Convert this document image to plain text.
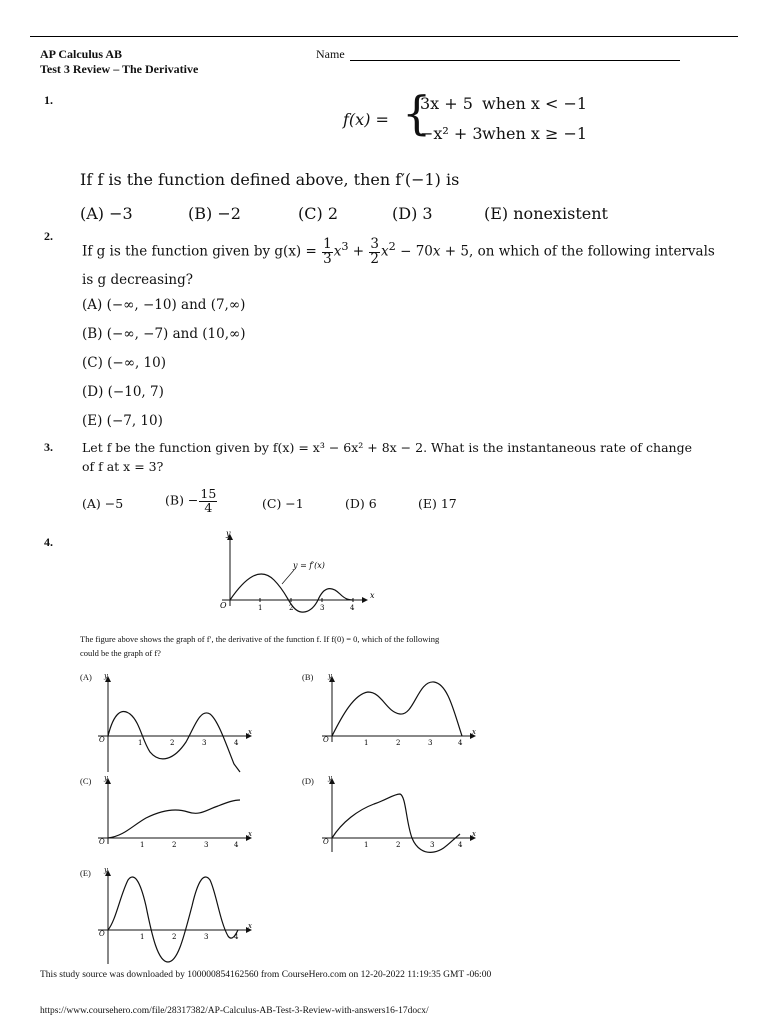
AP Calculus AB
Test 3 Review – The Derivative
Name
1.
f(x) = {
3x + 5 when x < −1
−x² + 3 when x ≥ −1
If f is the function defined above, then f′(−1) is
(A) −3	(B) −2	(C) 2	(D) 3	(E) nonexistent
2.
If g is the function given by $g(x) = \frac{1}{3} x^3 + \frac{3}{2} x^2 - 70x + 5$, on which of the following intervals
is g decreasing?
(A) (−∞, −10) and (7,∞)
(B) (−∞, −7) and (10,∞)
(C) (−∞, 10)
(D) (−10, 7)
(E) (−7, 10)
3. Let f be the function given by f(x) = x³ − 6x² + 8x − 2. What is the instantaneous rate of change
of f at x = 3?
(A) −5	$(B) - \frac{15}{4}$	(C) −1	(D) 6	(E) 17
4.
y
x
O	1	2	3	4
y = f′(x)
The figure above shows the graph of f′, the derivative of the function f. If f(0) = 0, which of the following
could be the graph of f?
(A) y
x
O	1	2	3	4
(B) y
x
O	1	2	3	4
(C) y
x
O	1	2	3	4
(D) y
x
O	1	2	3	4
(E) y
x
O	1	2	3	4
This study source was downloaded by 100000854162560 from CourseHero.com on 12-20-2022 11:19:35 GMT -06:00
https://www.coursehero.com/file/28317382/AP-Calculus-AB-Test-3-Review-with-answers16-17docx/
